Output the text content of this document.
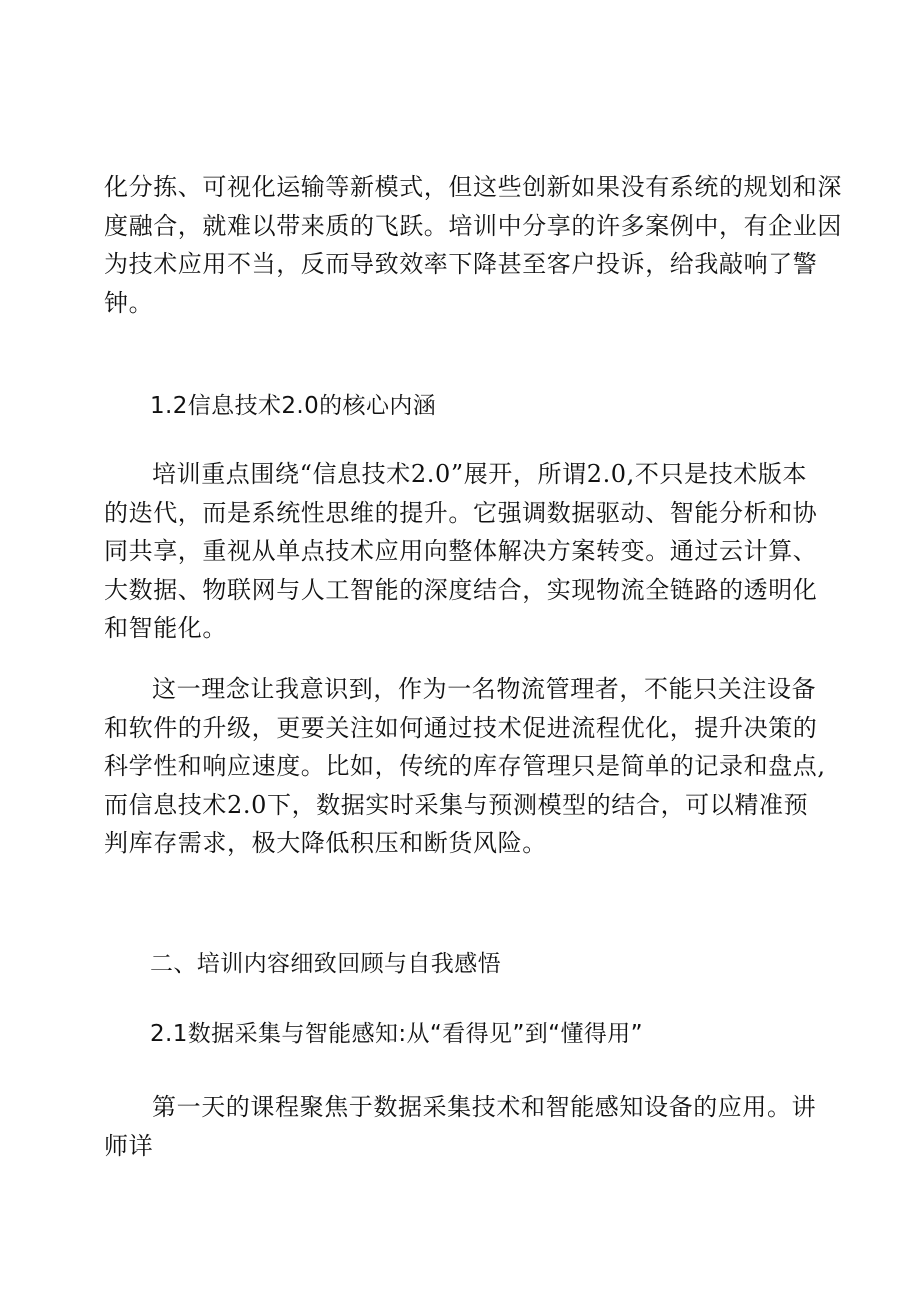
化分拣、可视化运输等新模式，但这些创新如果没有系统的规划和深
度融合，就难以带来质的飞跃。培训中分享的许多案例中，有企业因
为技术应用不当，反而导致效率下降甚至客户投诉，给我敲响了警
钟。
1.2信息技术2.0的核心内涵

培训重点围绕“信息技术2.0”展开，所谓2.0,不只是技术版本的迭代，而是系统性思维的提升。它强调数据驱动、智能分析和协同共享，重视从单点技术应用向整体解决方案转变。通过云计算、大数据、物联网与人工智能的深度结合，实现物流全链路的透明化和智能化。

这一理念让我意识到，作为一名物流管理者，不能只关注设备和软件的升级，更要关注如何通过技术促进流程优化，提升决策的科学性和响应速度。比如，传统的库存管理只是简单的记录和盘点,而信息技术2.0下，数据实时采集与预测模型的结合，可以精准预判库存需求，极大降低积压和断货风险。

二、培训内容细致回顾与自我感悟
2.1数据采集与智能感知:从“看得见”到“懂得用”

第一天的课程聚焦于数据采集技术和智能感知设备的应用。讲师详
